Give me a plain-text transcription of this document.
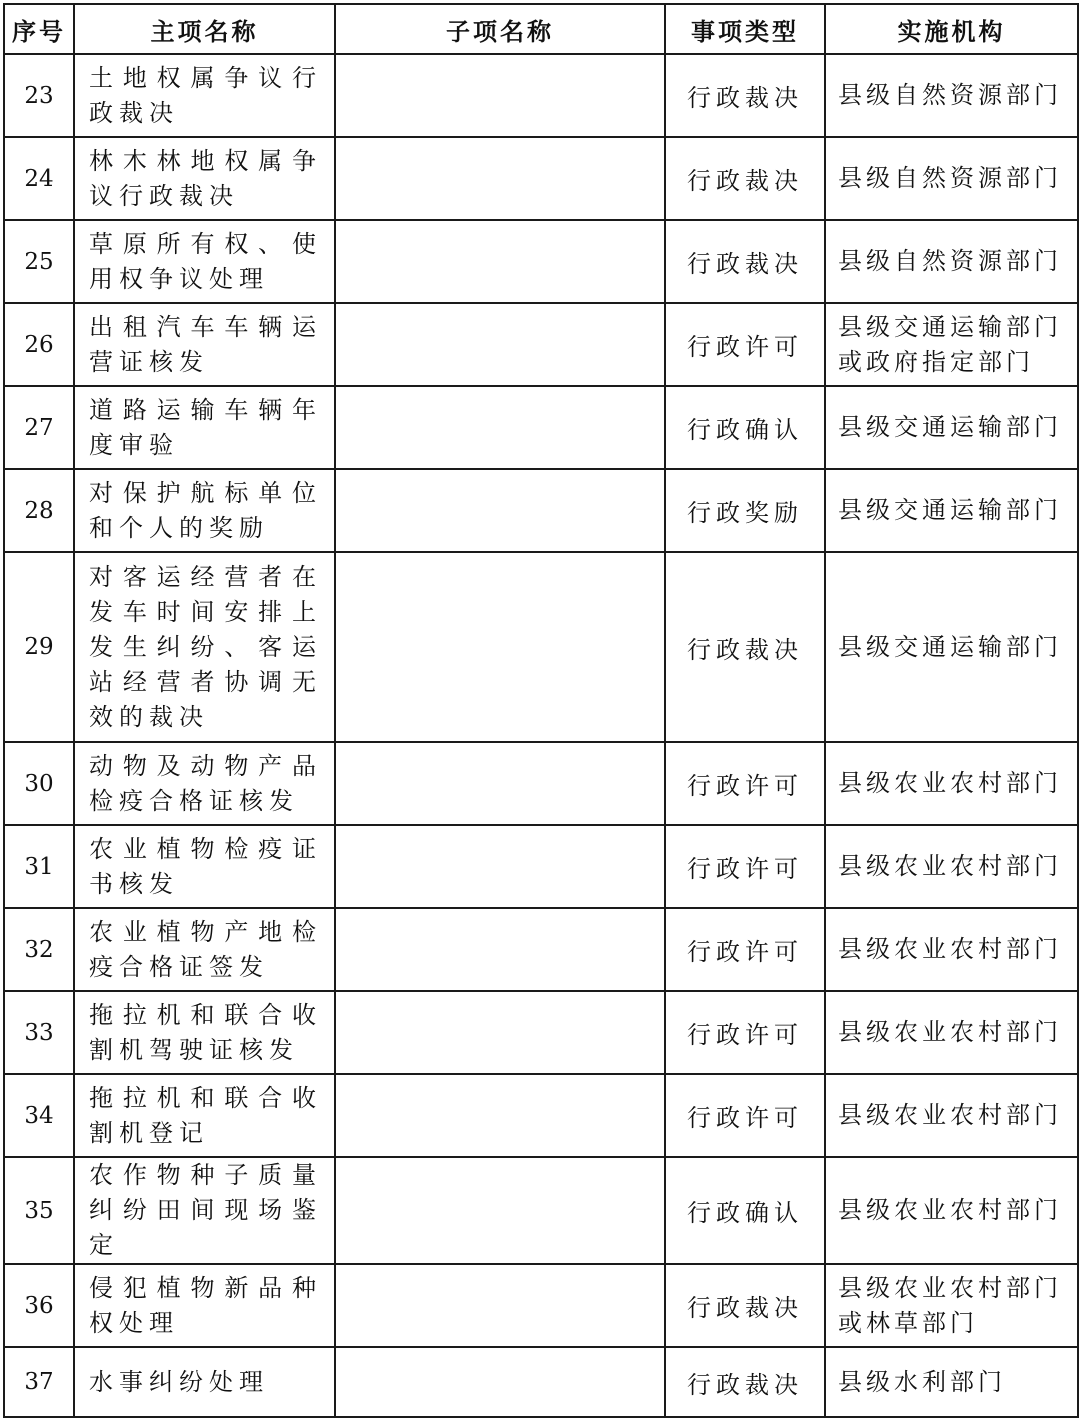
序号	主项名称	子项名称	事项类型	实施机构
23	土地权属争议行政裁决		行政裁决	县级自然资源部门
24	林木林地权属争议行政裁决		行政裁决	县级自然资源部门
25	草原所有权、使用权争议处理		行政裁决	县级自然资源部门
26	出租汽车车辆运营证核发		行政许可	县级交通运输部门或政府指定部门
27	道路运输车辆年度审验		行政确认	县级交通运输部门
28	对保护航标单位和个人的奖励		行政奖励	县级交通运输部门
29	对客运经营者在发车时间安排上发生纠纷、客运站经营者协调无效的裁决		行政裁决	县级交通运输部门
30	动物及动物产品检疫合格证核发		行政许可	县级农业农村部门
31	农业植物检疫证书核发		行政许可	县级农业农村部门
32	农业植物产地检疫合格证签发		行政许可	县级农业农村部门
33	拖拉机和联合收割机驾驶证核发		行政许可	县级农业农村部门
34	拖拉机和联合收割机登记		行政许可	县级农业农村部门
35	农作物种子质量纠纷田间现场鉴定		行政确认	县级农业农村部门
36	侵犯植物新品种权处理		行政裁决	县级农业农村部门或林草部门
37	水事纠纷处理		行政裁决	县级水利部门
